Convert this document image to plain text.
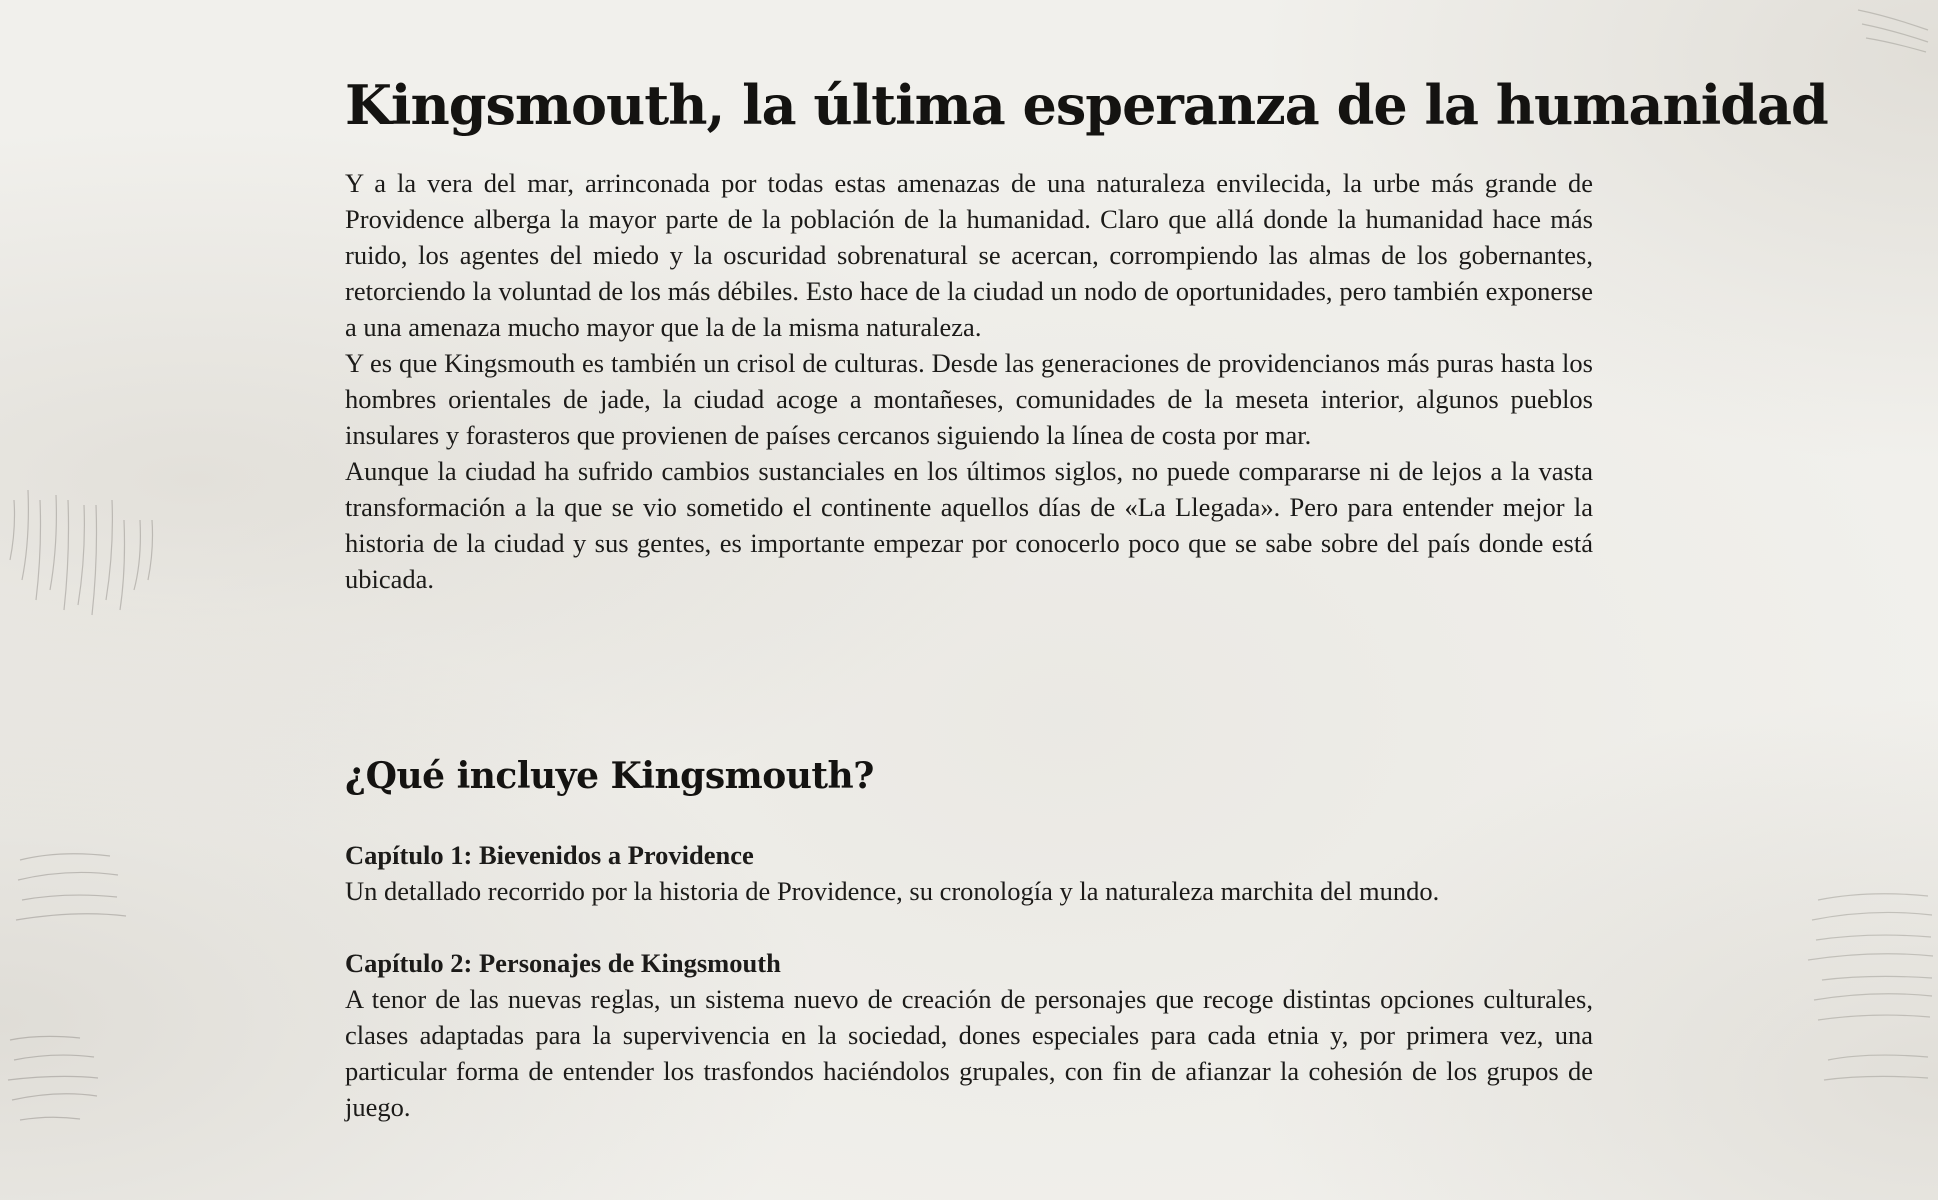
Kingsmouth, la última esperanza de la humanidad

Y a la vera del mar, arrinconada por todas estas amenazas de una naturaleza envilecida, la urbe más grande de Providence alberga la mayor parte de la población de la humanidad. Claro que allá donde la humanidad hace más ruido, los agentes del miedo y la oscuridad sobrenatural se acercan, corrompiendo las almas de los gobernantes, retorciendo la voluntad de los más débiles. Esto hace de la ciudad un nodo de oportunidades, pero también exponerse a una amenaza mucho mayor que la de la misma naturaleza.

Y es que Kingsmouth es también un crisol de culturas. Desde las generaciones de providencianos más puras hasta los hombres orientales de jade, la ciudad acoge a montañeses, comunidades de la meseta interior, algunos pueblos insulares y forasteros que provienen de países cercanos siguiendo la línea de costa por mar.

Aunque la ciudad ha sufrido cambios sustanciales en los últimos siglos, no puede compararse ni de lejos a la vasta transformación a la que se vio sometido el continente aquellos días de «La Llegada». Pero para entender mejor la historia de la ciudad y sus gentes, es importante empezar por conocerlo poco que se sabe sobre del país donde está ubicada.

¿Qué incluye Kingsmouth?

Capítulo 1: Bievenidos a Providence

Un detallado recorrido por la historia de Providence, su cronología y la naturaleza marchita del mundo.

Capítulo 2: Personajes de Kingsmouth

A tenor de las nuevas reglas, un sistema nuevo de creación de personajes que recoge distintas opciones culturales, clases adaptadas para la supervivencia en la sociedad, dones especiales para cada etnia y, por primera vez, una particular forma de entender los trasfondos haciéndolos grupales, con fin de afianzar la cohesión de los grupos de juego.
